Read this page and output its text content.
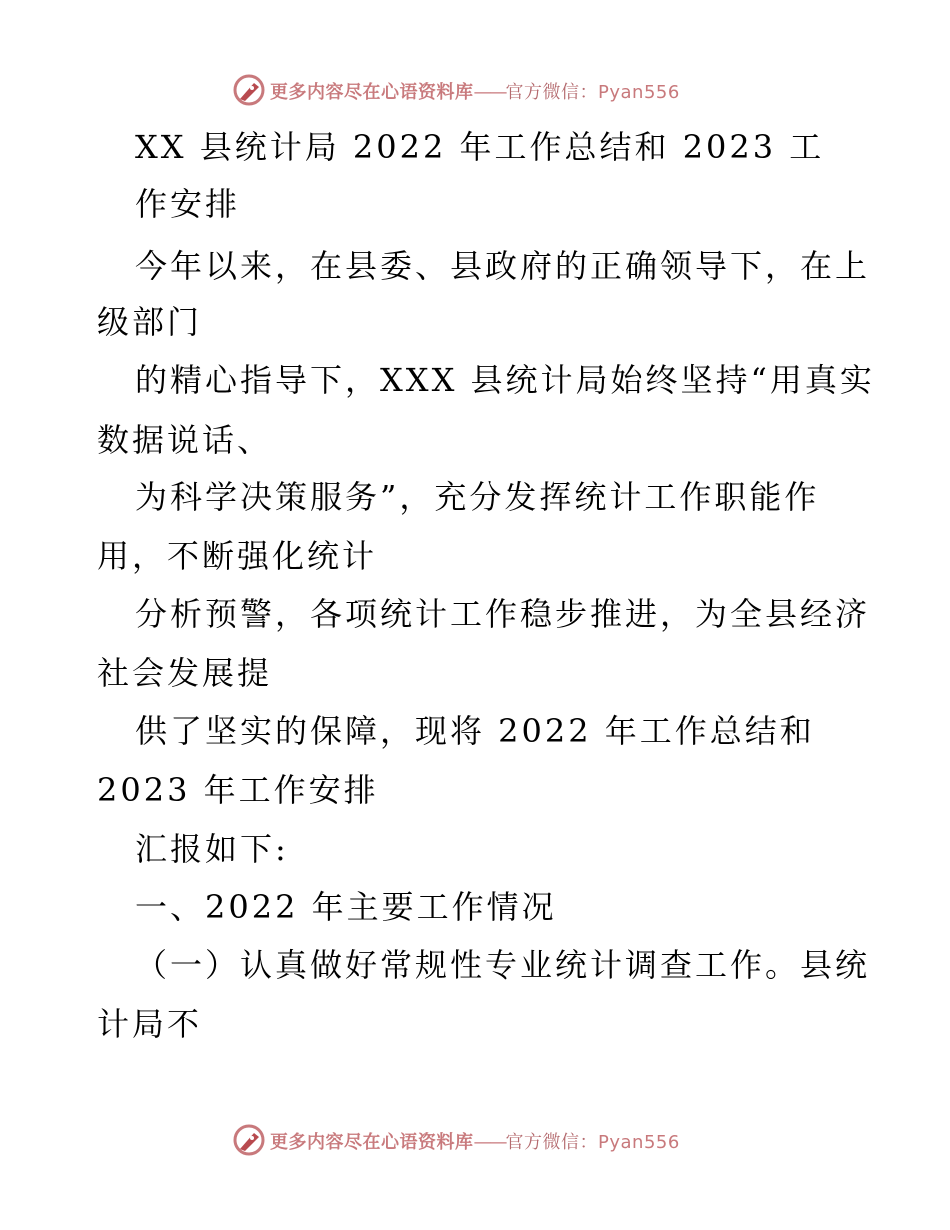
更多内容尽在心语资料库——官方微信：Pyan556
XX 县统计局 2022 年工作总结和 2023 工
作安排
今年以来，在县委、县政府的正确领导下，在上
级部门
的精心指导下，XXX 县统计局始终坚持“用真实
数据说话、
为科学决策服务”，充分发挥统计工作职能作
用，不断强化统计
分析预警，各项统计工作稳步推进，为全县经济
社会发展提
供了坚实的保障，现将 2022 年工作总结和
2023 年工作安排
汇报如下:
一、2022 年主要工作情况
（一）认真做好常规性专业统计调查工作。县统
计局不
更多内容尽在心语资料库——官方微信：Pyan556
